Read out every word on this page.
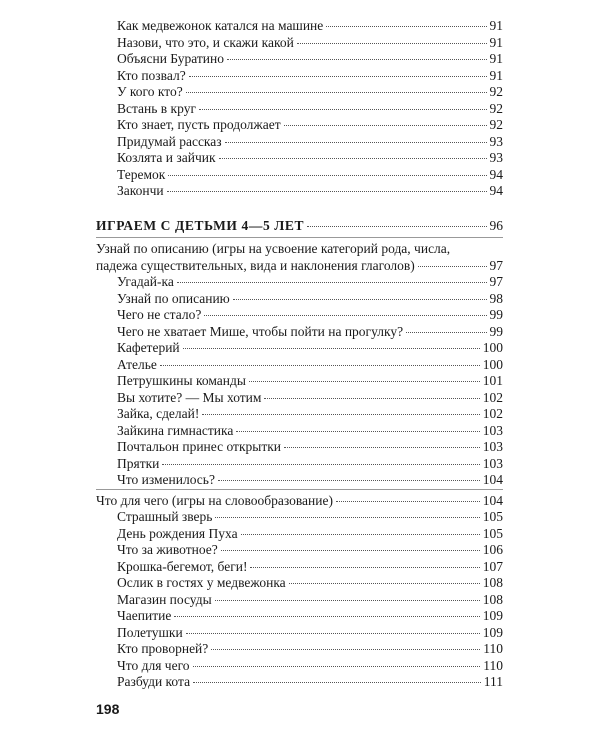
Как медвежонок катался на машине	91
Назови, что это, и скажи какой	91
Объясни Буратино	91
Кто позвал?	91
У кого кто?	92
Встань в круг	92
Кто знает, пусть продолжает	92
Придумай рассказ	93
Козлята и зайчик	93
Теремок	94
Закончи	94
ИГРАЕМ С ДЕТЬМИ 4—5 ЛЕТ	96
Узнай по описанию (игры на усвоение категорий рода, числа,
падежа существительных, вида и наклонения глаголов)	97
Угадай-ка	97
Узнай по описанию	98
Чего не стало?	99
Чего не хватает Мише, чтобы пойти на прогулку?	99
Кафетерий	100
Ателье	100
Петрушкины команды	101
Вы хотите? — Мы хотим	102
Зайка, сделай!	102
Зайкина гимнастика	103
Почтальон принес открытки	103
Прятки	103
Что изменилось?	104
Что для чего (игры на словообразование)	104
Страшный зверь	105
День рождения Пуха	105
Что за животное?	106
Крошка-бегемот, беги!	107
Ослик в гостях у медвежонка	108
Магазин посуды	108
Чаепитие	109
Полетушки	109
Кто проворней?	110
Что для чего	110
198
Разбуди кота	111
